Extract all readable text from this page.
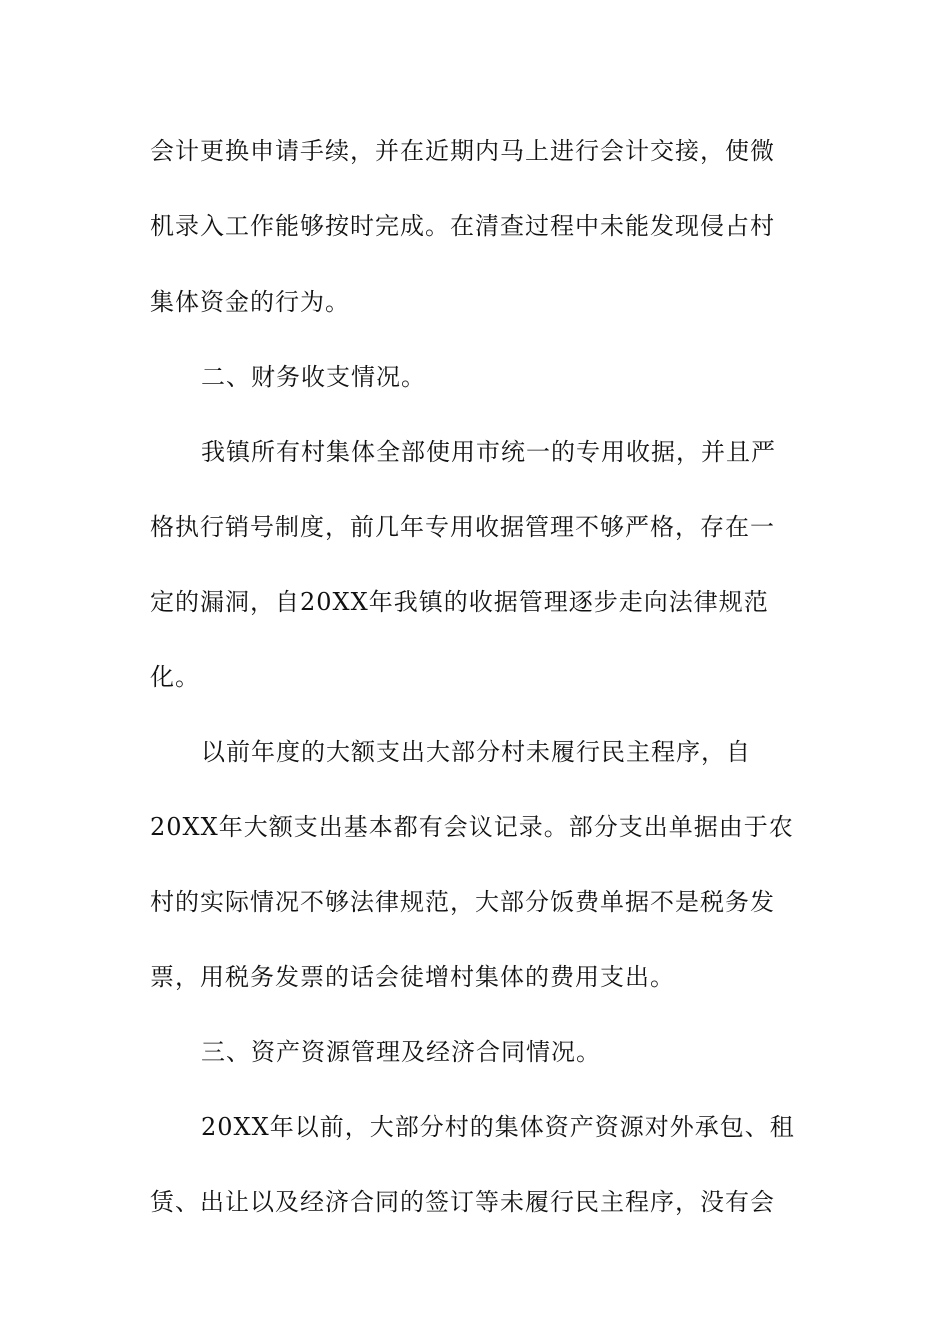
会计更换申请手续，并在近期内马上进行会计交接，使微
机录入工作能够按时完成。在清查过程中未能发现侵占村
集体资金的行为。
二、财务收支情况。
我镇所有村集体全部使用市统一的专用收据，并且严
格执行销号制度，前几年专用收据管理不够严格，存在一
定的漏洞，自20XX年我镇的收据管理逐步走向法律规范
化。
以前年度的大额支出大部分村未履行民主程序，自
20XX年大额支出基本都有会议记录。部分支出单据由于农
村的实际情况不够法律规范，大部分饭费单据不是税务发
票，用税务发票的话会徒增村集体的费用支出。
三、资产资源管理及经济合同情况。
20XX年以前，大部分村的集体资产资源对外承包、租
赁、出让以及经济合同的签订等未履行民主程序，没有会
